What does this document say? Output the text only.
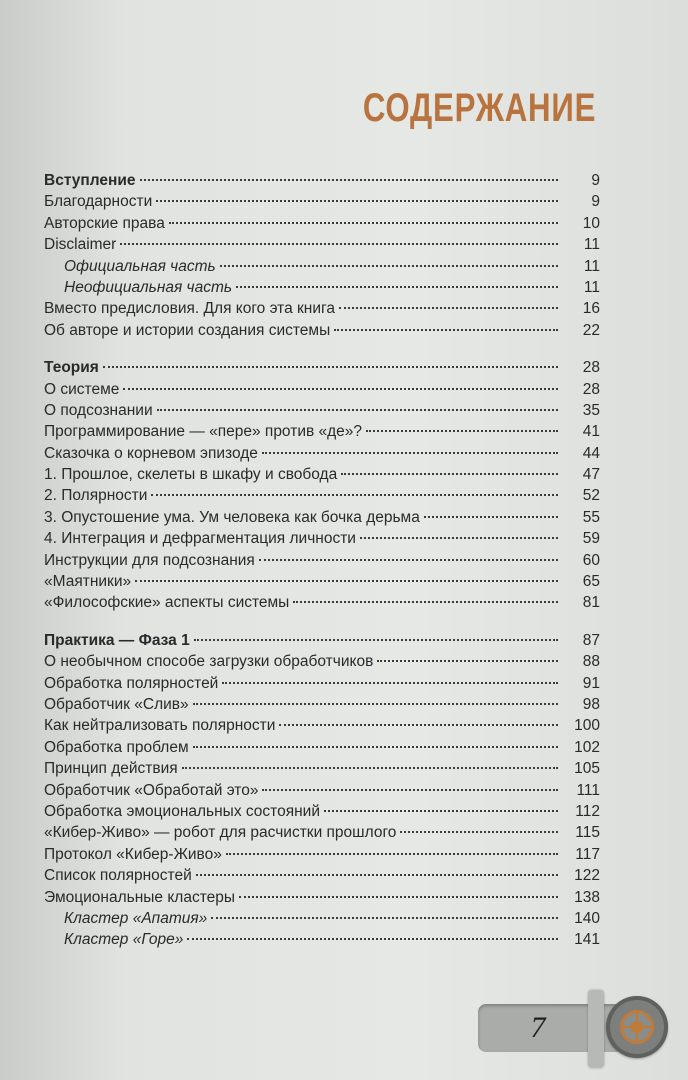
СОДЕРЖАНИЕ
Вступление	9
Благодарности	9
Авторские права	10
Disclaimer	11
Официальная часть	11
Неофициальная часть	11
Вместо предисловия. Для кого эта книга	16
Об авторе и истории создания системы	22
Теория	28
О системе	28
О подсознании	35
Программирование — «пере» против «де»?	41
Сказочка о корневом эпизоде	44
1. Прошлое, скелеты в шкафу и свобода	47
2. Полярности	52
3. Опустошение ума. Ум человека как бочка дерьма	55
4. Интеграция и дефрагментация личности	59
Инструкции для подсознания	60
«Маятники»	65
«Философские» аспекты системы	81
Практика — Фаза 1	87
О необычном способе загрузки обработчиков	88
Обработка полярностей	91
Обработчик «Слив»	98
Как нейтрализовать полярности	100
Обработка проблем	102
Принцип действия	105
Обработчик «Обработай это»	111
Обработка эмоциональных состояний	112
«Кибер-Живо» — робот для расчистки прошлого	115
Протокол «Кибер-Живо»	117
Список полярностей	122
Эмоциональные кластеры	138
Кластер «Апатия»	140
Кластер «Горе»	141
7
